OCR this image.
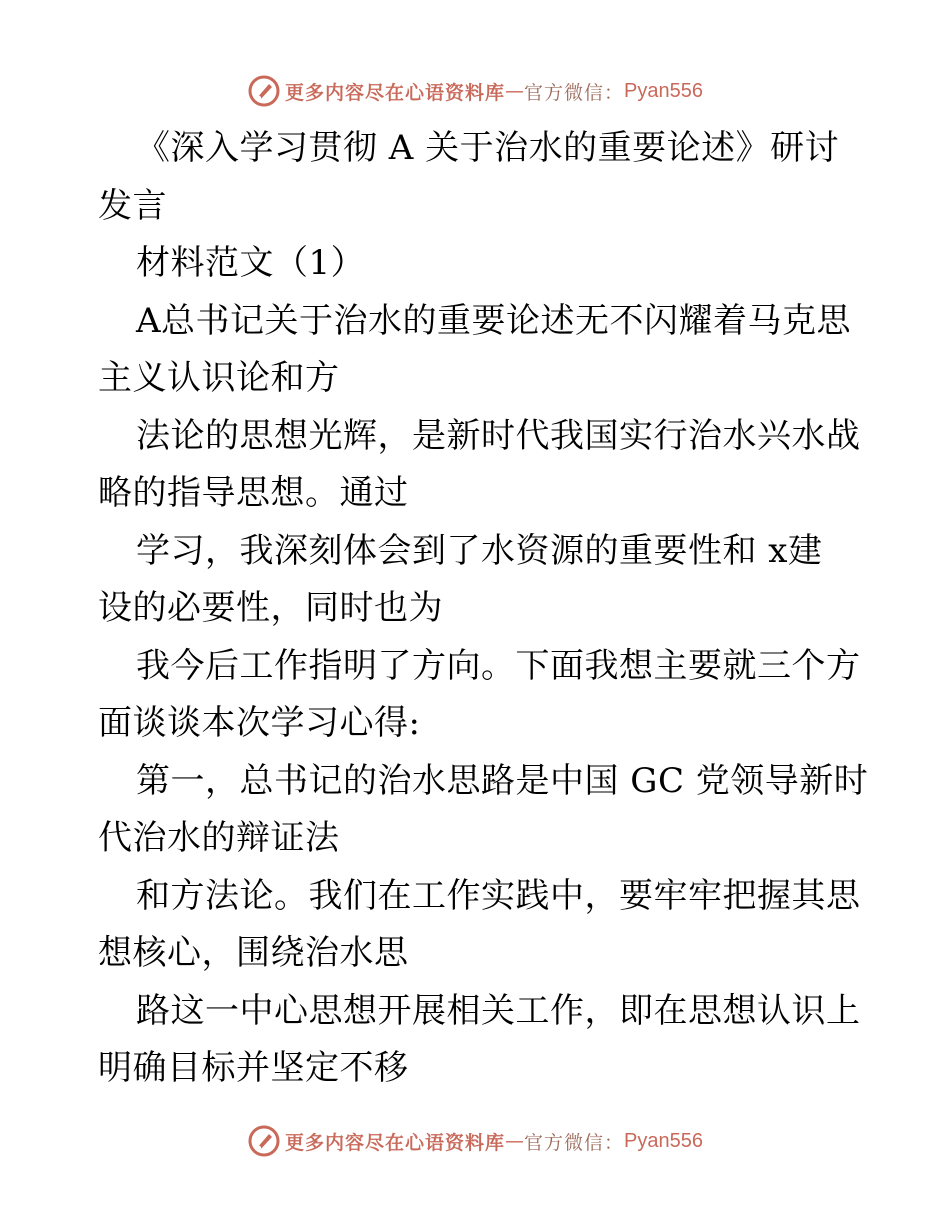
更多内容尽在心语资料库 — 官方微信： Pyan556
《深入学习贯彻 A 关于治水的重要论述》研讨
发言
材料范文（1）
A总书记关于治水的重要论述无不闪耀着马克思
主义认识论和方
法论的思想光辉，是新时代我国实行治水兴水战
略的指导思想。通过
学习，我深刻体会到了水资源的重要性和 x建
设的必要性，同时也为
我今后工作指明了方向。下面我想主要就三个方
面谈谈本次学习心得:
第一，总书记的治水思路是中国 GC 党领导新时
代治水的辩证法
和方法论。我们在工作实践中，要牢牢把握其思
想核心，围绕治水思
路这一中心思想开展相关工作，即在思想认识上
明确目标并坚定不移
更多内容尽在心语资料库 — 官方微信： Pyan556
